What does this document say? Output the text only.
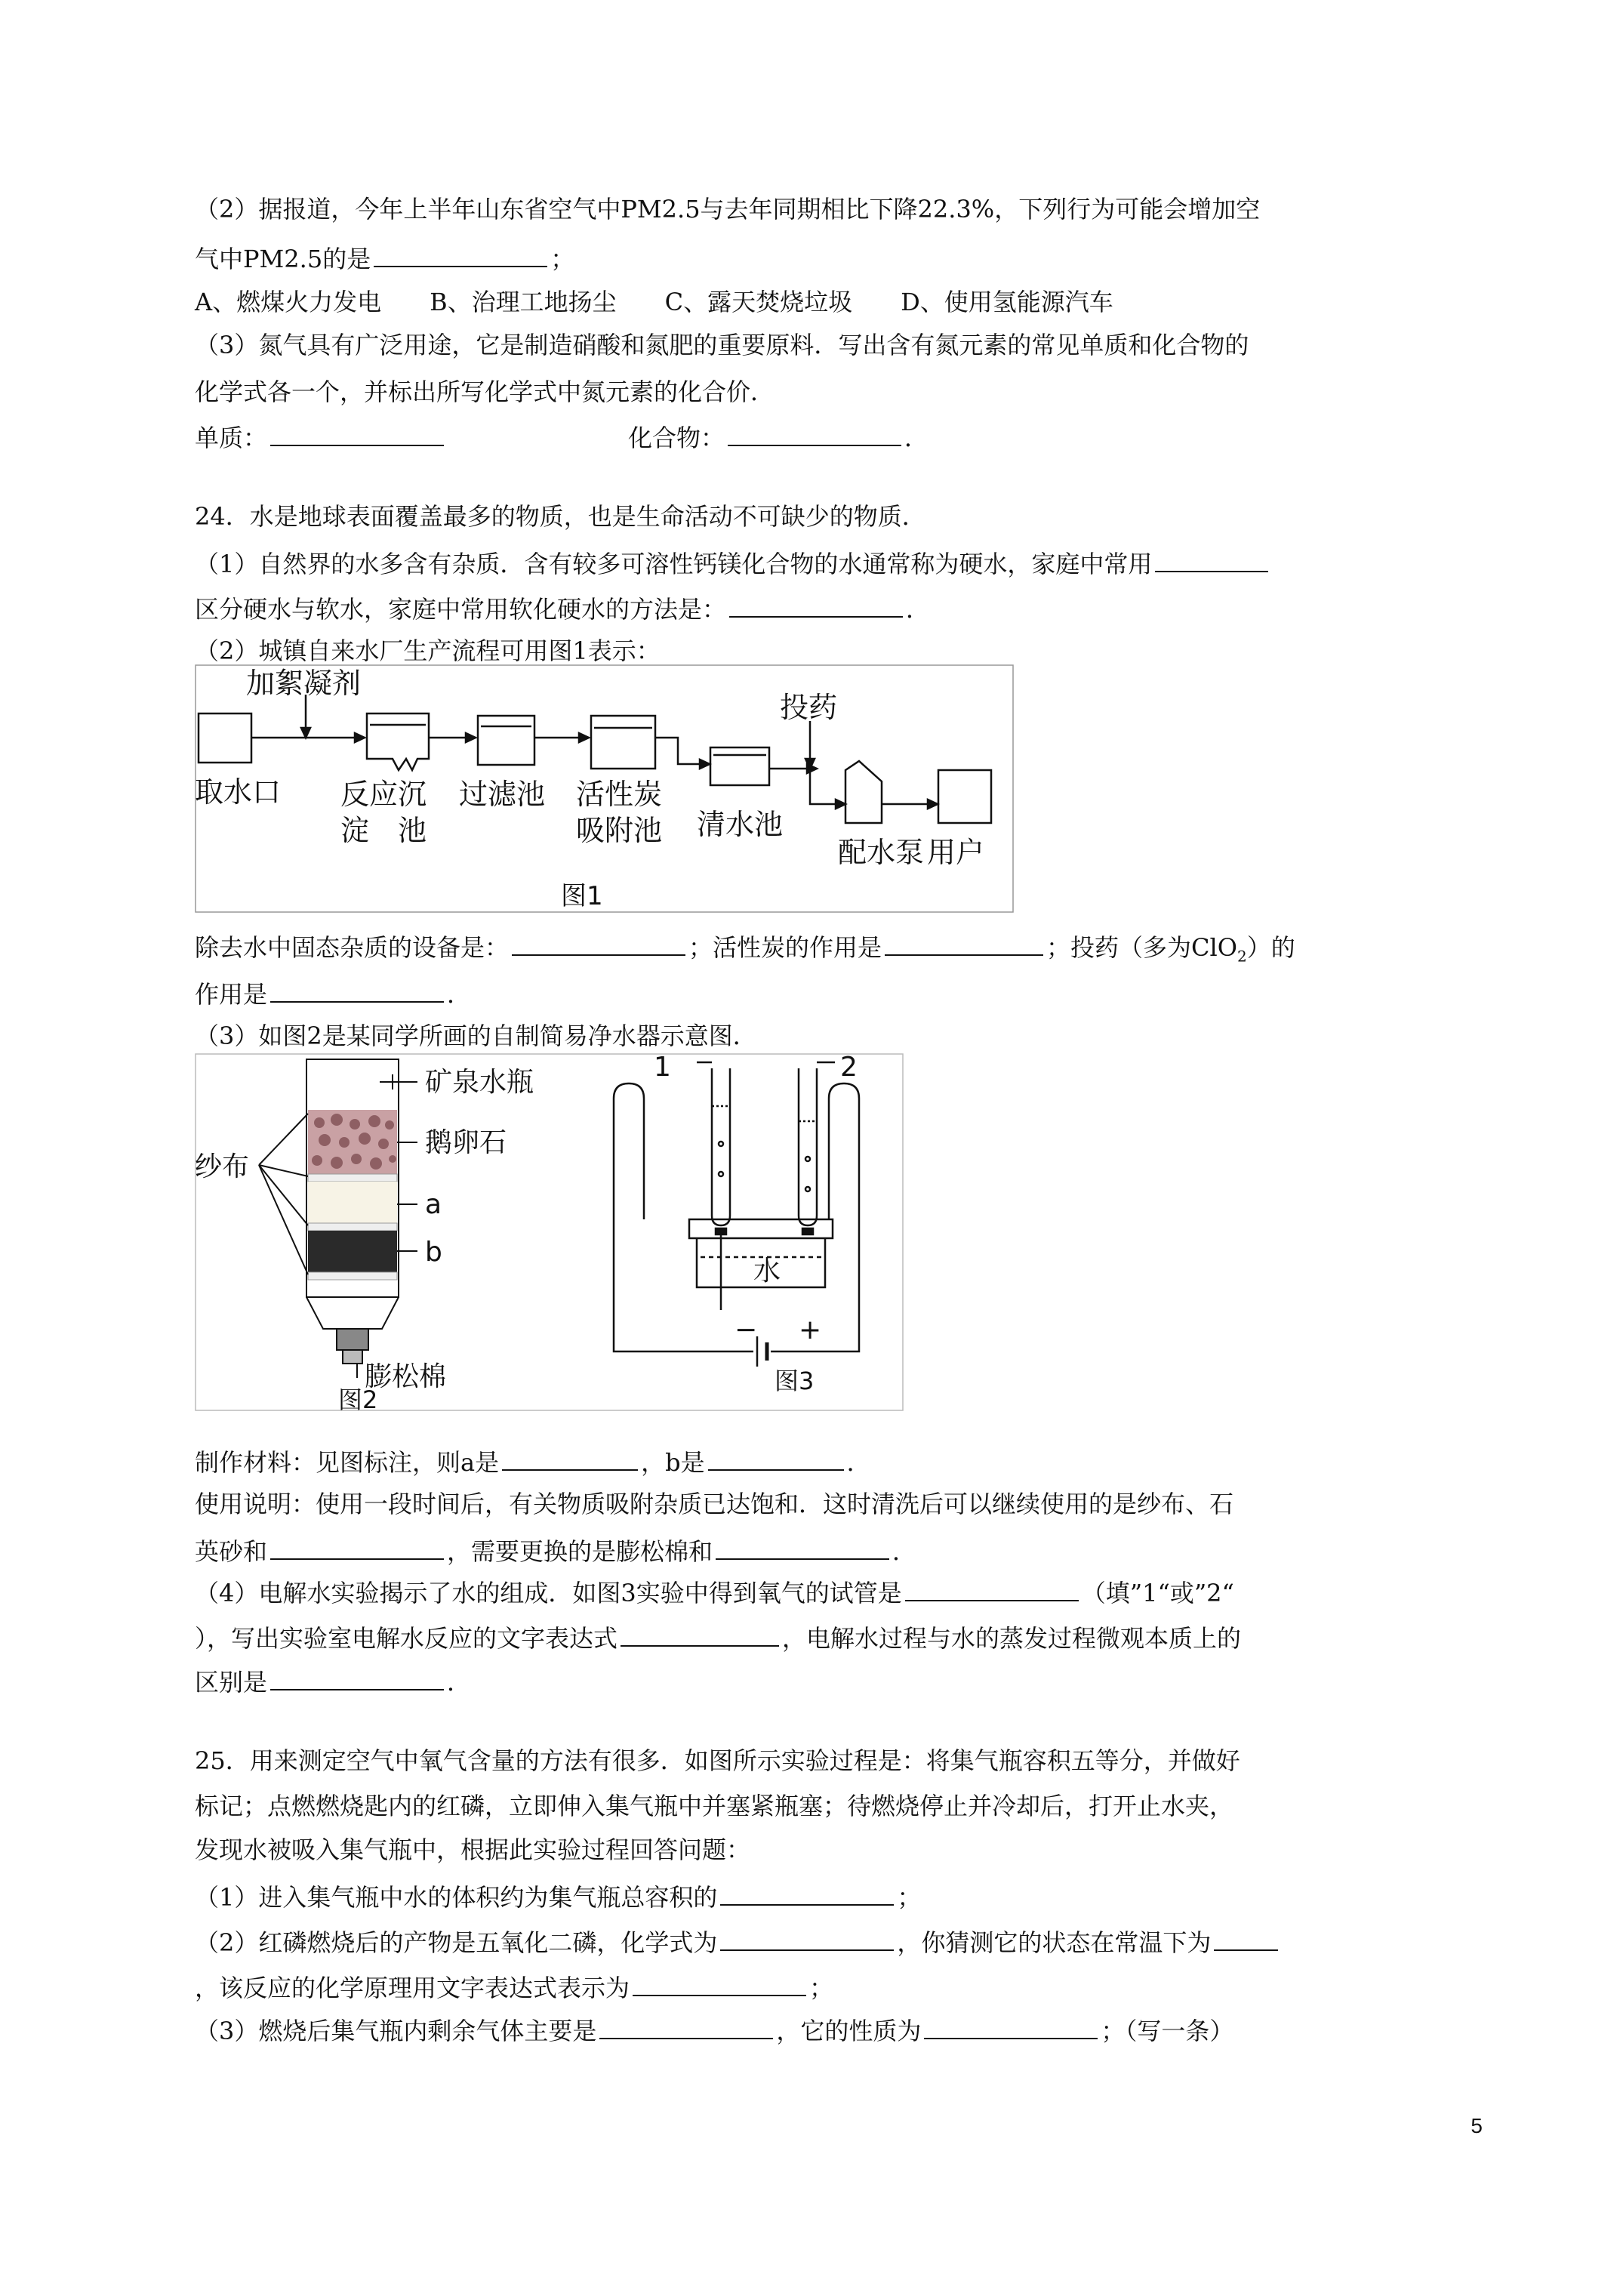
（2）据报道，今年上半年山东省空气中PM2.5与去年同期相比下降22.3%，下列行为可能会增加空
气中PM2.5的是	；
A、燃煤火力发电　　B、治理工地扬尘　　C、露天焚烧垃圾　　D、使用氢能源汽车
（3）氮气具有广泛用途，它是制造硝酸和氮肥的重要原料．写出含有氮元素的常见单质和化合物的
化学式各一个，并标出所写化学式中氮元素的化合价．
单质：	化合物：	．
24．水是地球表面覆盖最多的物质，也是生命活动不可缺少的物质．
（1）自然界的水多含有杂质．含有较多可溶性钙镁化合物的水通常称为硬水，家庭中常用
区分硬水与软水，家庭中常用软化硬水的方法是：	．
（2）城镇自来水厂生产流程可用图1表示：
加絮凝剂
投药
取水口 反应沉
淀　池
过滤池 活性炭
吸附池 清水池
配水泵 用户
图1
除去水中固态杂质的设备是：	；活性炭的作用是	；投药（多为ClO$_2$）的
作用是	．
（3）如图2是某同学所画的自制简易净水器示意图．
矿泉水瓶
鹅卵石
纱布
a
b
膨松棉
图2
1	2
水
− +
图3
制作材料：见图标注，则a是	，b是	．
使用说明：使用一段时间后，有关物质吸附杂质已达饱和．这时清洗后可以继续使用的是纱布、石
英砂和	，需要更换的是膨松棉和	．
（4）电解水实验揭示了水的组成．如图3实验中得到氧气的试管是	（填”1“或”2“
），写出实验室电解水反应的文字表达式	，电解水过程与水的蒸发过程微观本质上的
区别是	．
25．用来测定空气中氧气含量的方法有很多．如图所示实验过程是：将集气瓶容积五等分，并做好
标记；点燃燃烧匙内的红磷，立即伸入集气瓶中并塞紧瓶塞；待燃烧停止并冷却后，打开止水夹，
发现水被吸入集气瓶中，根据此实验过程回答问题：
（1）进入集气瓶中水的体积约为集气瓶总容积的	；
（2）红磷燃烧后的产物是五氧化二磷，化学式为	，你猜测它的状态在常温下为
，该反应的化学原理用文字表达式表示为	；
（3）燃烧后集气瓶内剩余气体主要是	，它的性质为	；（写一条）
5
